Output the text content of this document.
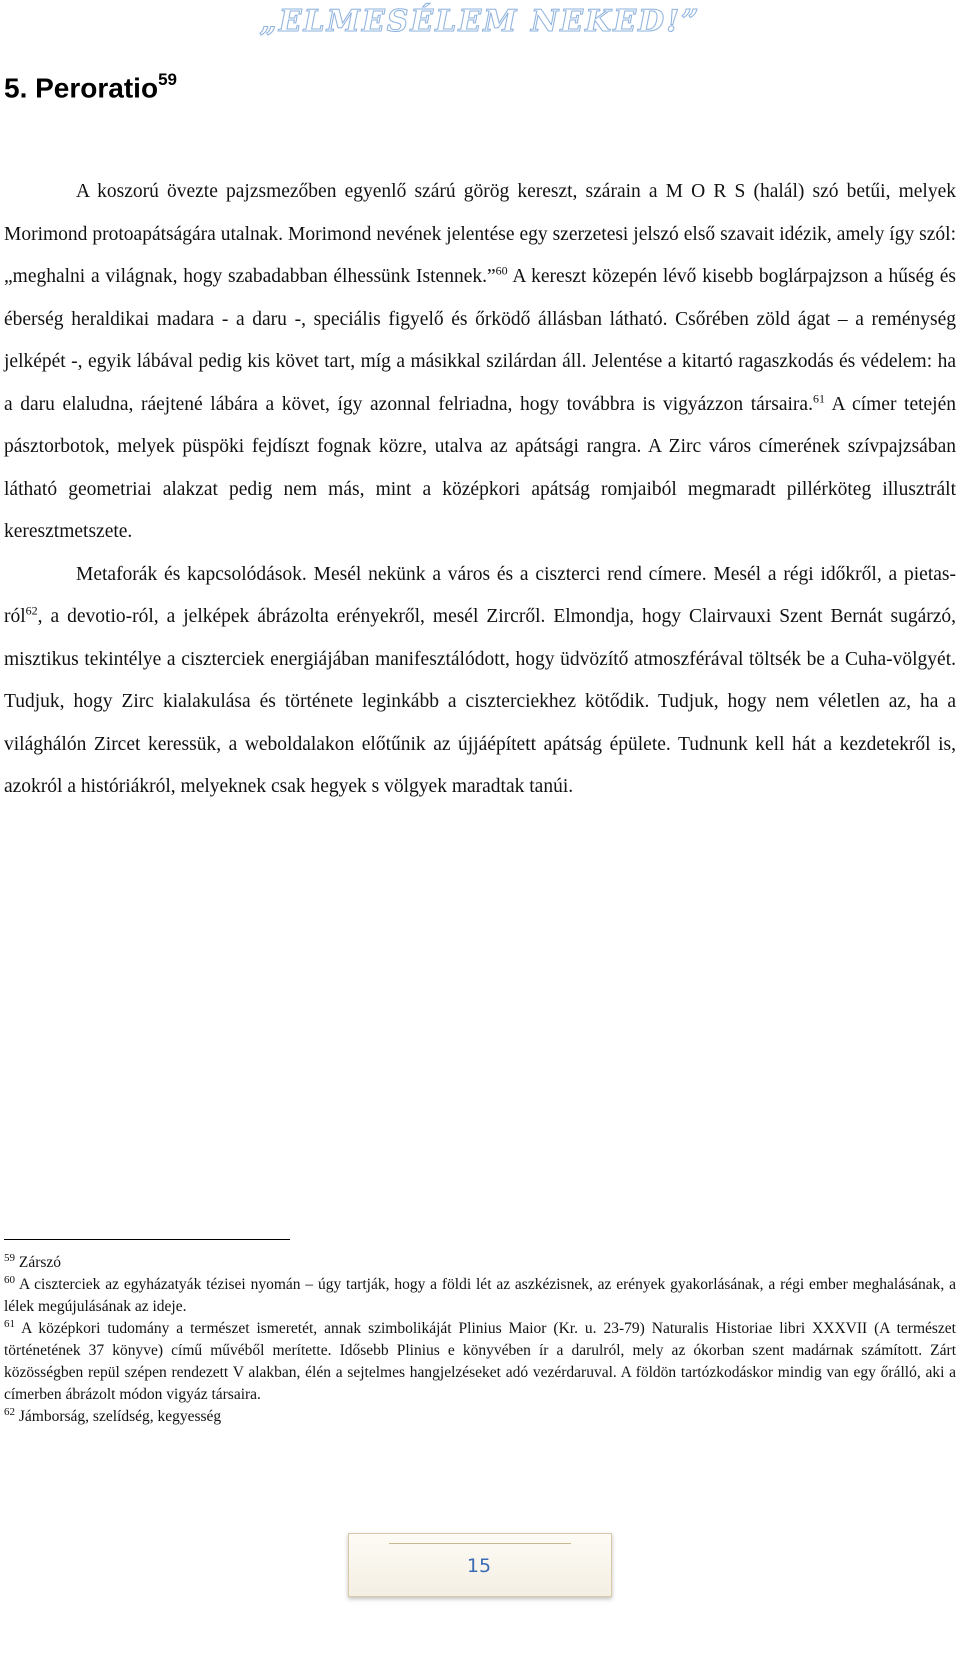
„ELMESÉLEM NEKED!”
5. Peroratio$^{59}$

A koszorú övezte pajzsmezőben egyenlő szárú görög kereszt, szárain a M O R S (halál) szó betűi, melyek Morimond protoapátságára utalnak. Morimond nevének jelentése egy szerzetesi jelszó első szavait idézik, amely így szól: „meghalni a világnak, hogy szabadabban élhessünk Istennek.”$^{60}$ A kereszt közepén lévő kisebb boglárpajzson a hűség és éberség heraldikai madara - a daru -, speciális figyelő és őrködő állásban látható. Csőrében zöld ágat – a reménység jelképét -, egyik lábával pedig kis követ tart, míg a másikkal szilárdan áll. Jelentése a kitartó ragaszkodás és védelem: ha a daru elaludna, ráejtené lábára a követ, így azonnal felriadna, hogy továbbra is vigyázzon társaira.$^{61}$ A címer tetején pásztorbotok, melyek püspöki fejdíszt fognak közre, utalva az apátsági rangra. A Zirc város címerének szívpajzsában látható geometriai alakzat pedig nem más, mint a középkori apátság romjaiból megmaradt pillérköteg illusztrált keresztmetszete.

Metaforák és kapcsolódások. Mesél nekünk a város és a ciszterci rend címere. Mesél a régi időkről, a pietas-ról$^{62}$, a devotio-ról, a jelképek ábrázolta erényekről, mesél Zircről. Elmondja, hogy Clairvauxi Szent Bernát sugárzó, misztikus tekintélye a ciszterciek energiájában manifesztálódott, hogy üdvözítő atmoszférával töltsék be a Cuha-völgyét. Tudjuk, hogy Zirc kialakulása és története leginkább a ciszterciekhez kötődik. Tudjuk, hogy nem véletlen az, ha a világhálón Zircet keressük, a weboldalakon előtűnik az újjáépített apátság épülete. Tudnunk kell hát a kezdetekről is, azokról a históriákról, melyeknek csak hegyek s völgyek maradtak tanúi.

$^{59}$ Zárszó

$^{60}$ A ciszterciek az egyházatyák tézisei nyomán – úgy tartják, hogy a földi lét az aszkézisnek, az erények gyakorlásának, a régi ember meghalásának, a lélek megújulásának az ideje.

$^{61}$ A középkori tudomány a természet ismeretét, annak szimbolikáját Plinius Maior (Kr. u. 23-79) Naturalis Historiae libri XXXVII (A természet történetének 37 könyve) című művéből merítette. Idősebb Plinius e könyvében ír a darulról, mely az ókorban szent madárnak számított. Zárt közösségben repül szépen rendezett V alakban, élén a sejtelmes hangjelzéseket adó vezérdaruval. A földön tartózkodáskor mindig van egy őrálló, aki a címerben ábrázolt módon vigyáz társaira.

$^{62}$ Jámborság, szelídség, kegyesség

15
